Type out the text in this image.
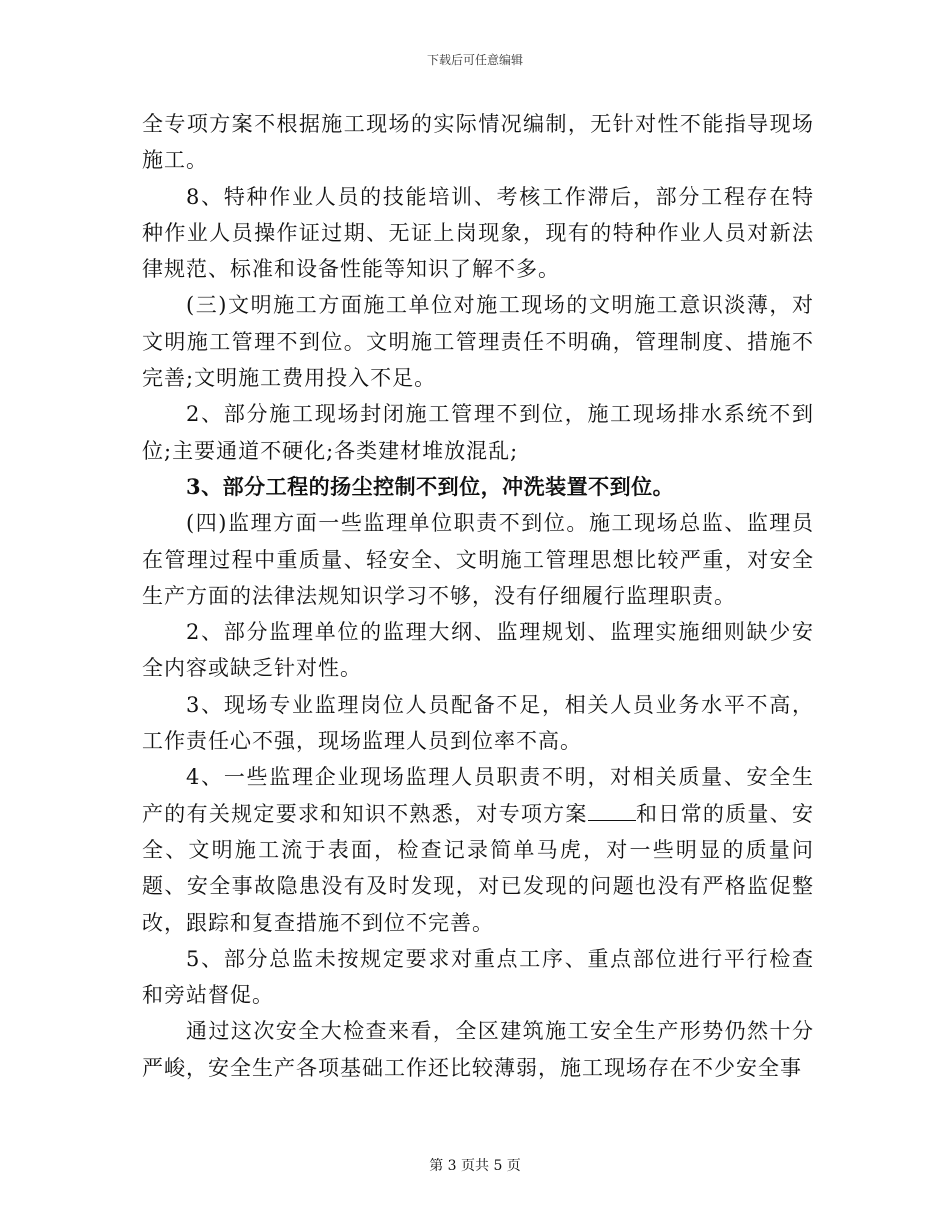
下载后可任意编辑

全专项方案不根据施工现场的实际情况编制，无针对性不能指导现场施工。

8、特种作业人员的技能培训、考核工作滞后，部分工程存在特种作业人员操作证过期、无证上岗现象，现有的特种作业人员对新法律规范、标准和设备性能等知识了解不多。

(三)文明施工方面施工单位对施工现场的文明施工意识淡薄，对文明施工管理不到位。文明施工管理责任不明确，管理制度、措施不完善;文明施工费用投入不足。

2、部分施工现场封闭施工管理不到位，施工现场排水系统不到位;主要通道不硬化;各类建材堆放混乱;

3、部分工程的扬尘控制不到位，冲洗装置不到位。

(四)监理方面一些监理单位职责不到位。施工现场总监、监理员在管理过程中重质量、轻安全、文明施工管理思想比较严重，对安全生产方面的法律法规知识学习不够，没有仔细履行监理职责。

2、部分监理单位的监理大纲、监理规划、监理实施细则缺少安全内容或缺乏针对性。

3、现场专业监理岗位人员配备不足，相关人员业务水平不高，工作责任心不强，现场监理人员到位率不高。

4、一些监理企业现场监理人员职责不明，对相关质量、安全生产的有关规定要求和知识不熟悉，对专项方案 和日常的质量、安全、文明施工流于表面，检查记录简单马虎，对一些明显的质量问题、安全事故隐患没有及时发现，对已发现的问题也没有严格监促整改，跟踪和复查措施不到位不完善。

5、部分总监未按规定要求对重点工序、重点部位进行平行检查和旁站督促。

通过这次安全大检查来看，全区建筑施工安全生产形势仍然十分严峻，安全生产各项基础工作还比较薄弱，施工现场存在不少安全事

第 3 页共 5 页
